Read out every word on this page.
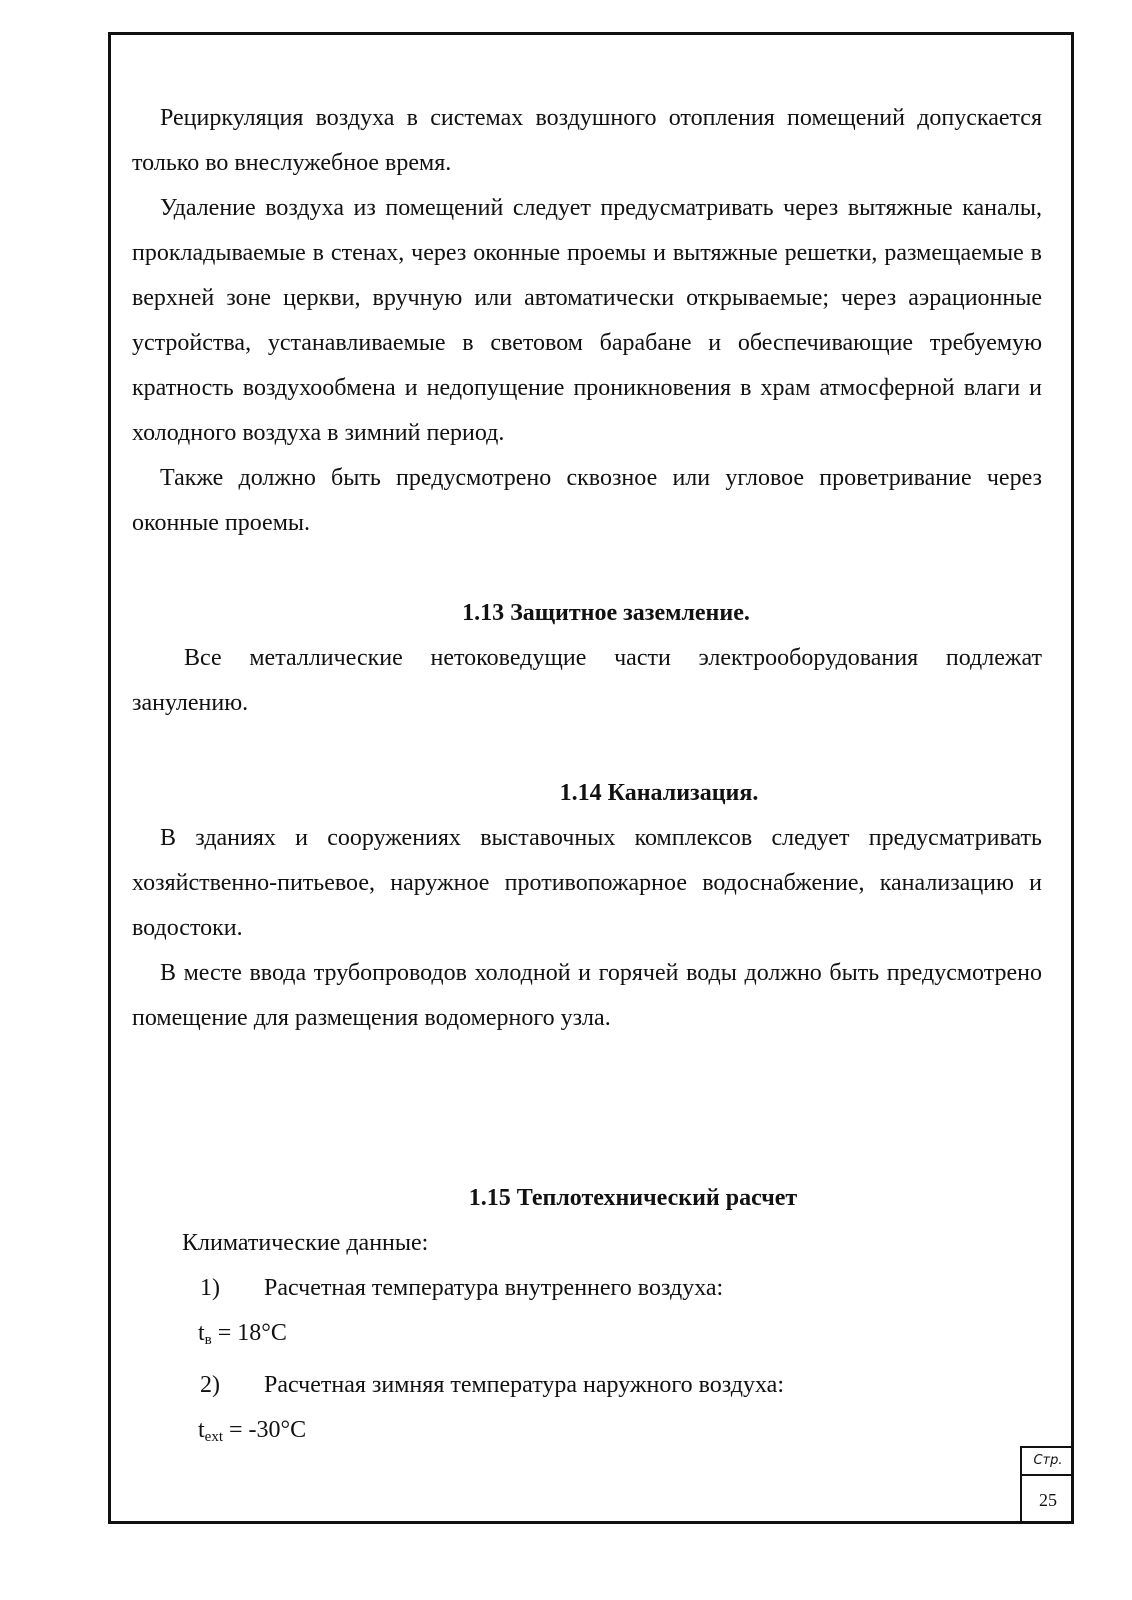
Рециркуляция воздуха в системах воздушного отопления помещений допускается только во внеслужебное время.

Удаление воздуха из помещений следует предусматривать через вытяжные каналы, прокладываемые в стенах, через оконные проемы и вытяжные решетки, размещаемые в верхней зоне церкви, вручную или автоматически открываемые; через аэрационные устройства, устанавливаемые в световом барабане и обеспечивающие требуемую кратность воздухообмена и недопущение проникновения в храм атмосферной влаги и холодного воздуха в зимний период.

Также должно быть предусмотрено сквозное или угловое проветривание через оконные проемы.

1.13 Защитное заземление.

Все металлические нетоковедущие части электрооборудования подлежат занулению.

1.14 Канализация.

В зданиях и сооружениях выставочных комплексов следует предусматривать хозяйственно-питьевое, наружное противопожарное водоснабжение, канализацию и водостоки.

В месте ввода трубопроводов холодной и горячей воды должно быть предусмотрено помещение для размещения водомерного узла.

1.15 Теплотехнический расчет

Климатические данные:

1)	Расчетная температура внутреннего воздуха:

$t_в = 18^\circ C$

2)	Расчетная зимняя температура наружного воздуха:

$t_{ext} = -30^\circ C$

Стр.
25
